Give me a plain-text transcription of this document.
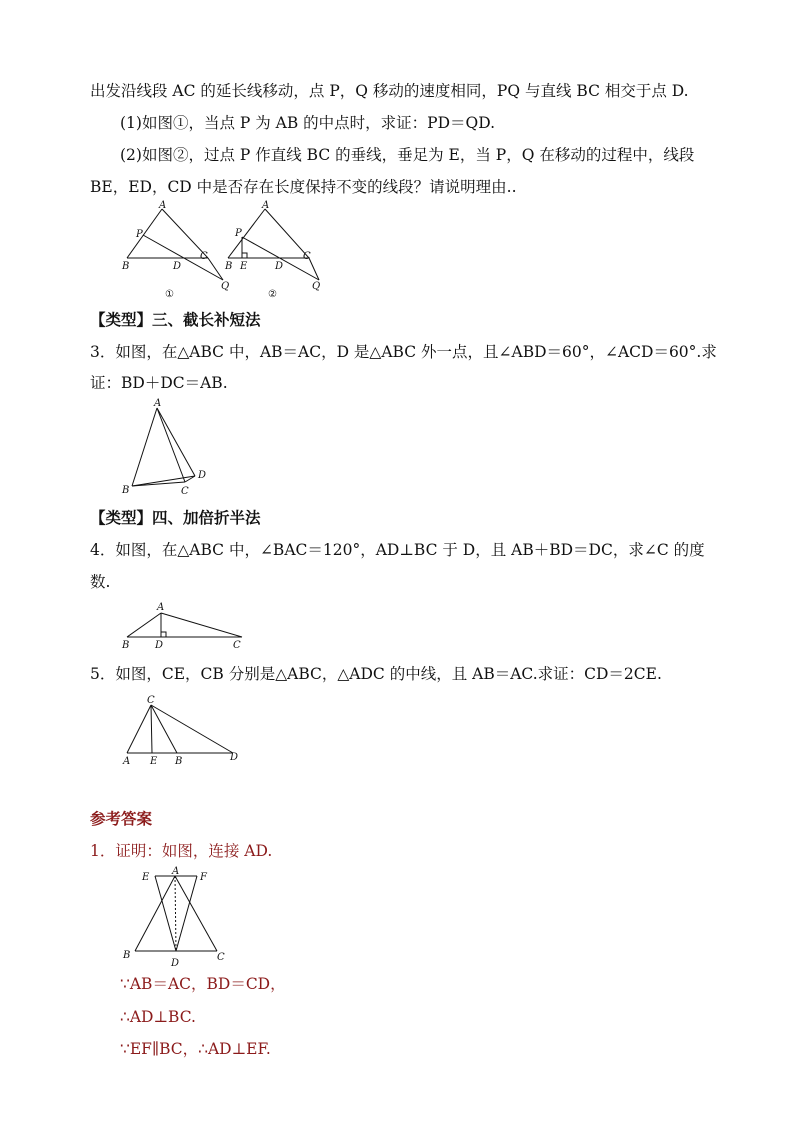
出发沿线段 AC 的延长线移动，点 P，Q 移动的速度相同，PQ 与直线 BC 相交于点 D.
(1)如图①，当点 P 为 AB 的中点时，求证：PD＝QD.
(2)如图②，过点 P 作直线 BC 的垂线，垂足为 E，当 P，Q 在移动的过程中，线段
BE，ED，CD 中是否存在长度保持不变的线段？请说明理由..
A
P
B	D
C
Q
①
A
P
B E	D
C
Q
②
【类型】三、截长补短法
3．如图，在△ABC 中，AB＝AC，D 是△ABC 外一点，且∠ABD＝60°，∠ACD＝60°.求
证：BD＋DC＝AB.
A
B	C
D
【类型】四、加倍折半法
4．如图，在△ABC 中，∠BAC＝120°，AD⊥BC 于 D，且 AB＋BD＝DC，求∠C 的度
数.
A
B	D	C
5．如图，CE，CB 分别是△ABC，△ADC 的中线，且 AB＝AC.求证：CD＝2CE.
C
A E B	D
参考答案
1．证明：如图，连接 AD.
E
A
F
B
D
C
∵AB＝AC，BD＝CD，
∴AD⊥BC.
∵EF∥BC，∴AD⊥EF.
